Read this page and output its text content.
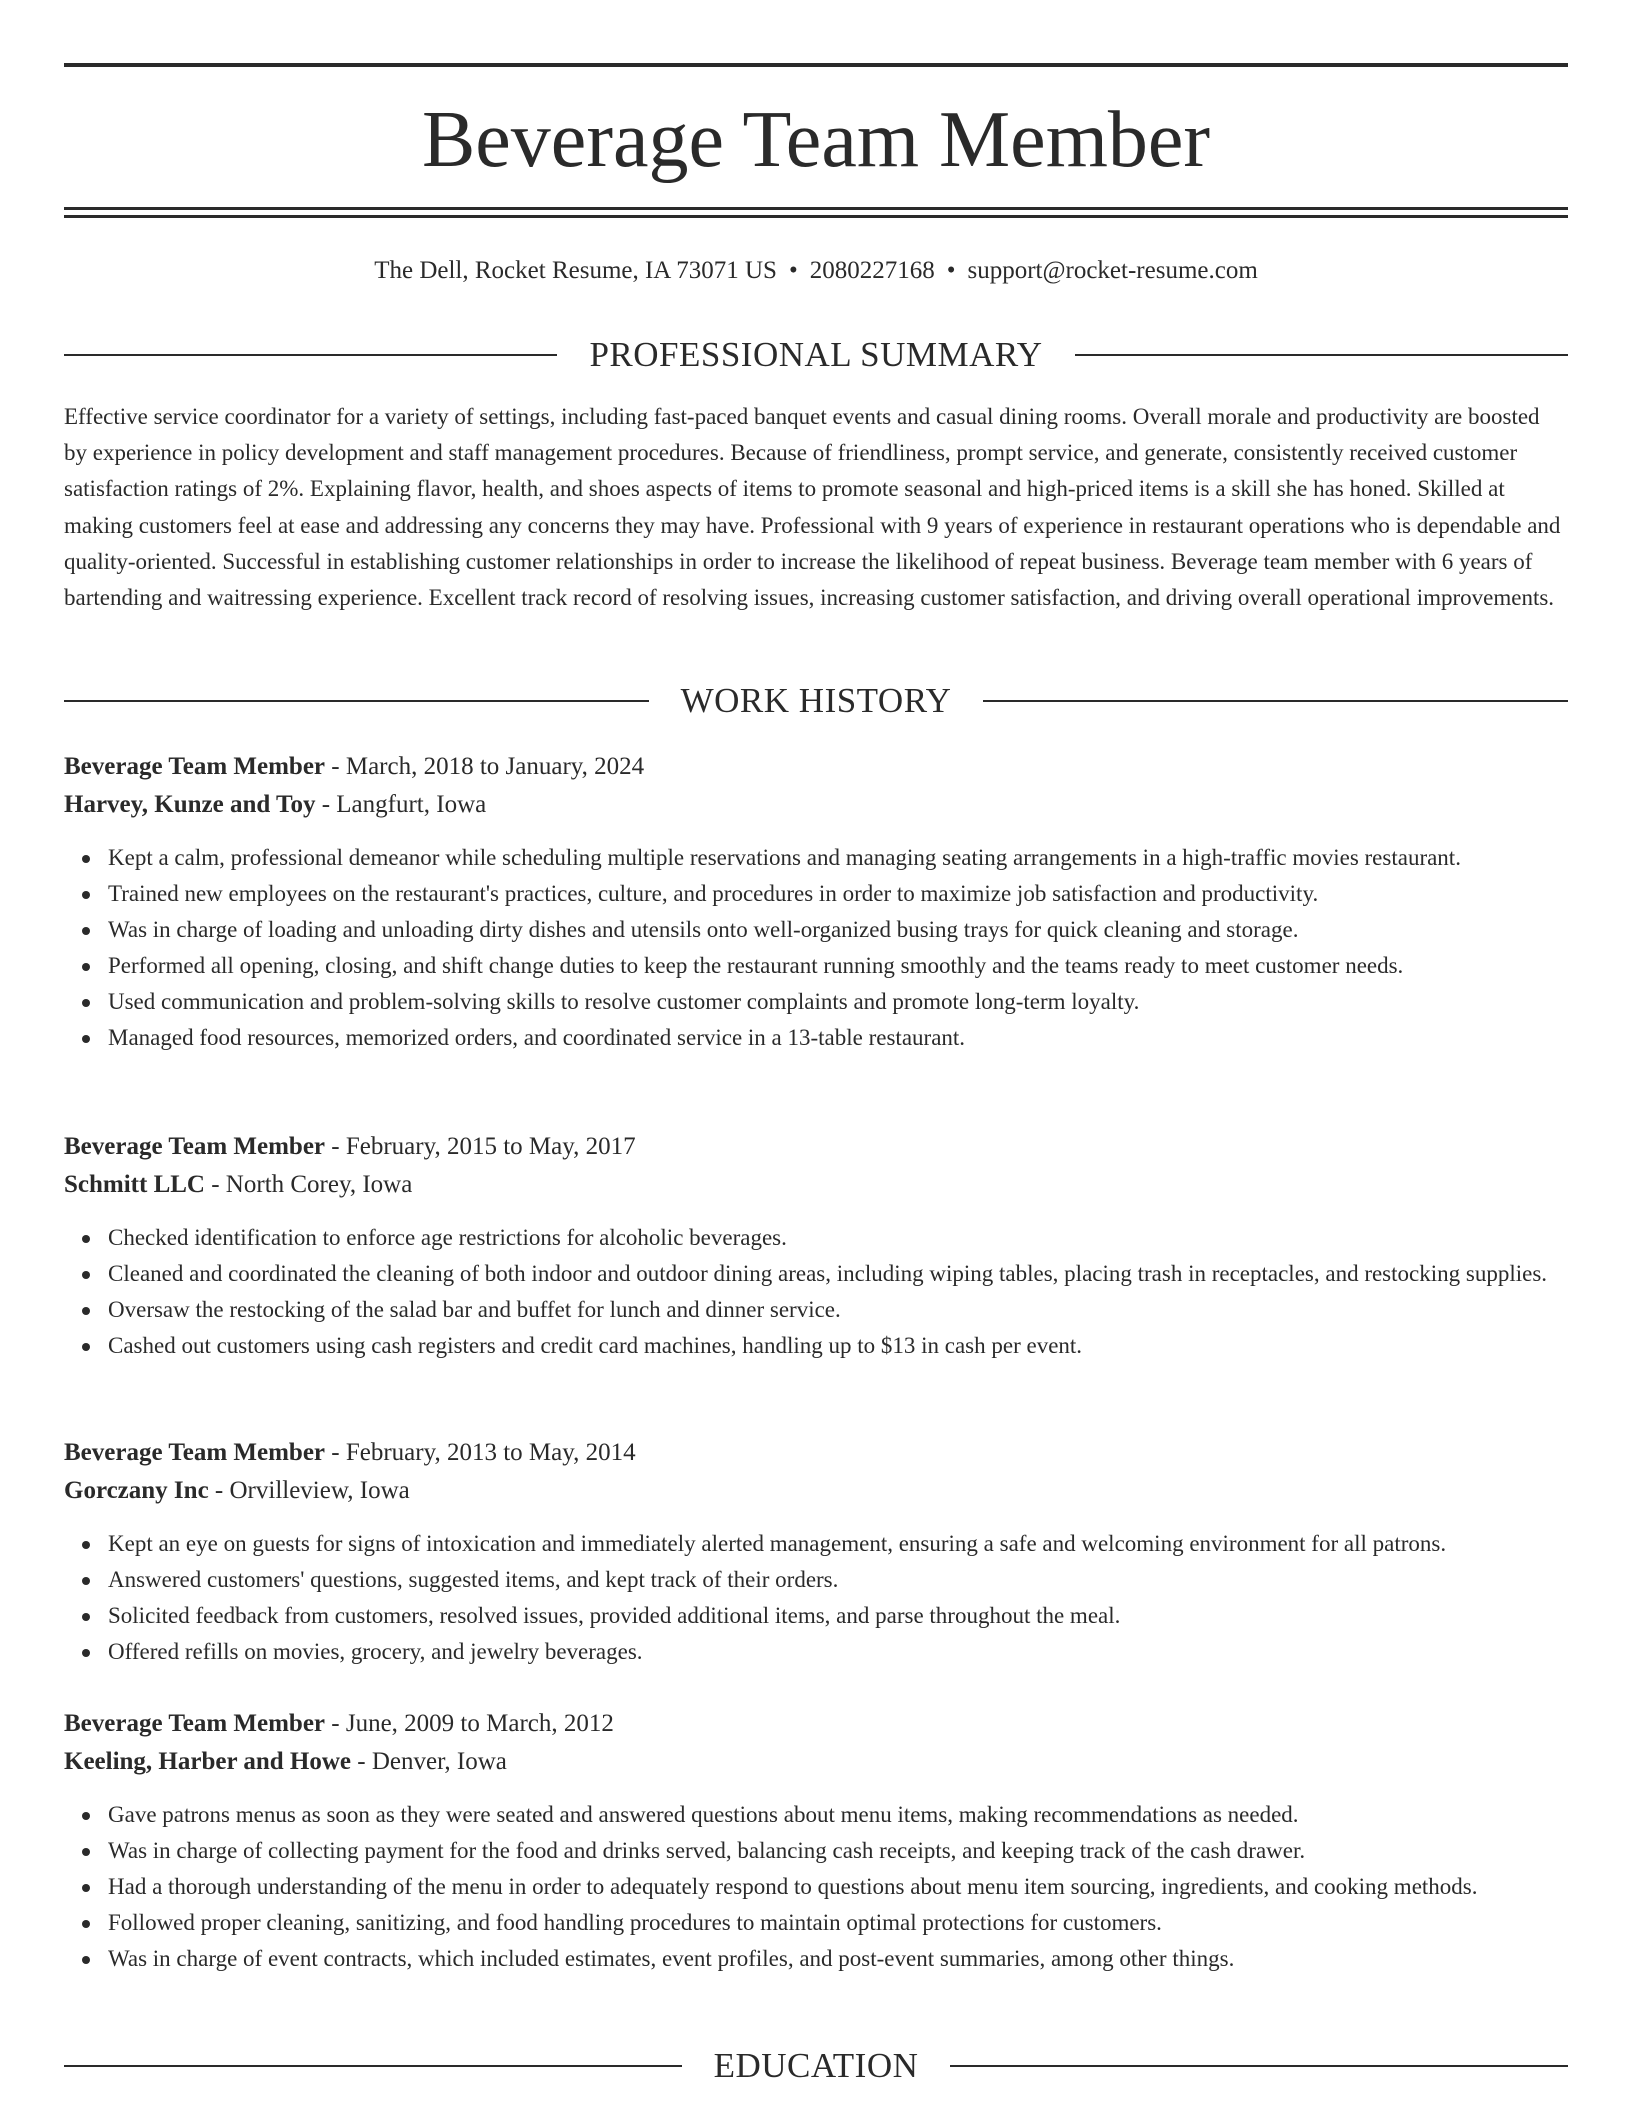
Beverage Team Member
The Dell, Rocket Resume, IA 73071 US • 2080227168 • support@rocket-resume.com
PROFESSIONAL SUMMARY

Effective service coordinator for a variety of settings, including fast-paced banquet events and casual dining rooms. Overall morale and productivity are boosted by experience in policy development and staff management procedures. Because of friendliness, prompt service, and generate, consistently received customer satisfaction ratings of 2%. Explaining flavor, health, and shoes aspects of items to promote seasonal and high-priced items is a skill she has honed. Skilled at making customers feel at ease and addressing any concerns they may have. Professional with 9 years of experience in restaurant operations who is dependable and quality-oriented. Successful in establishing customer relationships in order to increase the likelihood of repeat business. Beverage team member with 6 years of bartending and waitressing experience. Excellent track record of resolving issues, increasing customer satisfaction, and driving overall operational improvements.

WORK HISTORY
Beverage Team Member - March, 2018 to January, 2024
Harvey, Kunze and Toy - Langfurt, Iowa
Kept a calm, professional demeanor while scheduling multiple reservations and managing seating arrangements in a high-traffic movies restaurant.
Trained new employees on the restaurant's practices, culture, and procedures in order to maximize job satisfaction and productivity.
Was in charge of loading and unloading dirty dishes and utensils onto well-organized busing trays for quick cleaning and storage.
Performed all opening, closing, and shift change duties to keep the restaurant running smoothly and the teams ready to meet customer needs.
Used communication and problem-solving skills to resolve customer complaints and promote long-term loyalty.
Managed food resources, memorized orders, and coordinated service in a 13-table restaurant.
Beverage Team Member - February, 2015 to May, 2017
Schmitt LLC - North Corey, Iowa
Checked identification to enforce age restrictions for alcoholic beverages.
Cleaned and coordinated the cleaning of both indoor and outdoor dining areas, including wiping tables, placing trash in receptacles, and restocking supplies.
Oversaw the restocking of the salad bar and buffet for lunch and dinner service.
Cashed out customers using cash registers and credit card machines, handling up to $13 in cash per event.
Beverage Team Member - February, 2013 to May, 2014
Gorczany Inc - Orvilleview, Iowa
Kept an eye on guests for signs of intoxication and immediately alerted management, ensuring a safe and welcoming environment for all patrons.
Answered customers' questions, suggested items, and kept track of their orders.
Solicited feedback from customers, resolved issues, provided additional items, and parse throughout the meal.
Offered refills on movies, grocery, and jewelry beverages.
Beverage Team Member - June, 2009 to March, 2012
Keeling, Harber and Howe - Denver, Iowa
Gave patrons menus as soon as they were seated and answered questions about menu items, making recommendations as needed.
Was in charge of collecting payment for the food and drinks served, balancing cash receipts, and keeping track of the cash drawer.
Had a thorough understanding of the menu in order to adequately respond to questions about menu item sourcing, ingredients, and cooking methods.
Followed proper cleaning, sanitizing, and food handling procedures to maintain optimal protections for customers.
Was in charge of event contracts, which included estimates, event profiles, and post-event summaries, among other things.
EDUCATION
